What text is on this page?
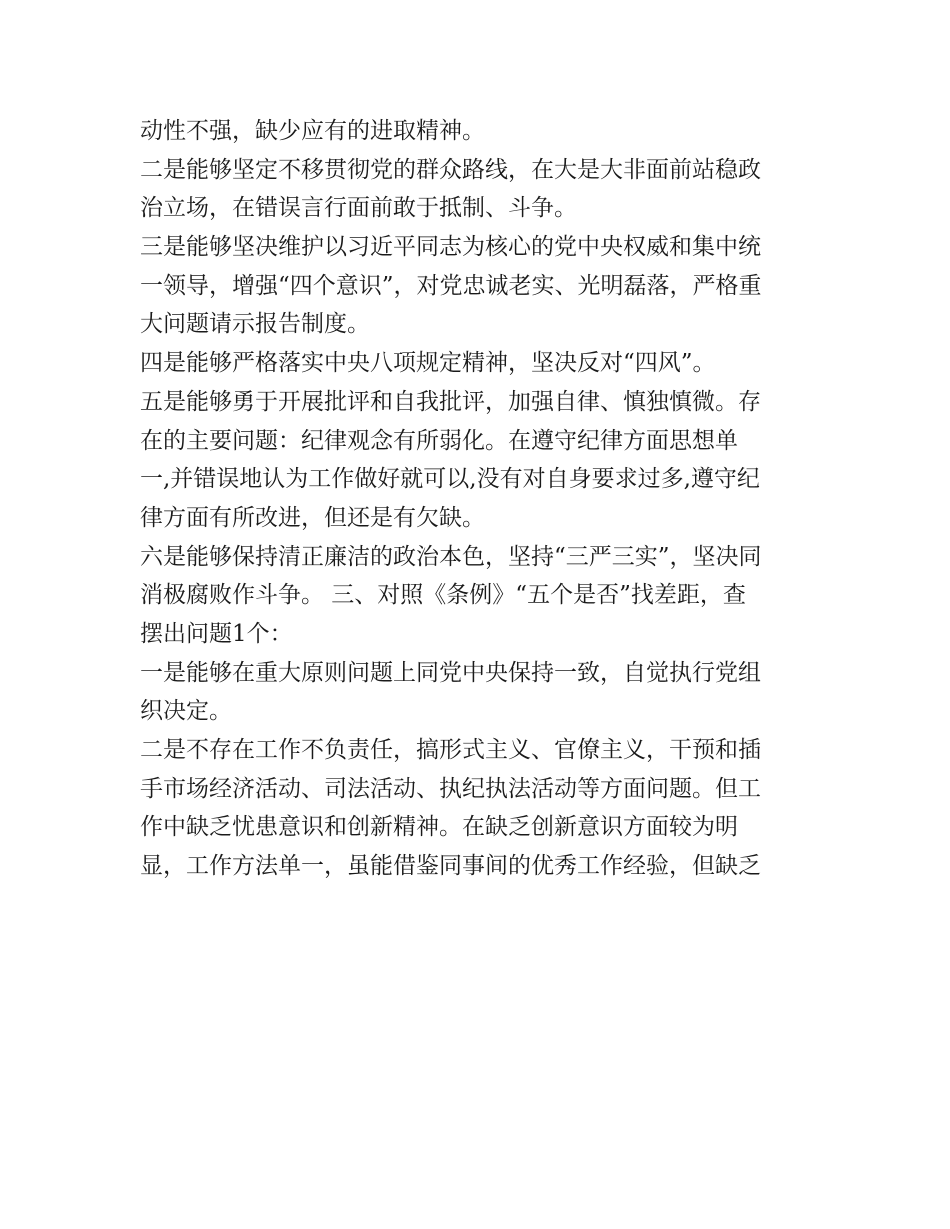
动性不强，缺少应有的进取精神。
二是能够坚定不移贯彻党的群众路线，在大是大非面前站稳政
治立场，在错误言行面前敢于抵制、斗争。
三是能够坚决维护以习近平同志为核心的党中央权威和集中统
一领导，增强“四个意识”，对党忠诚老实、光明磊落，严格重
大问题请示报告制度。
四是能够严格落实中央八项规定精神，坚决反对“四风”。
五是能够勇于开展批评和自我批评，加强自律、慎独慎微。存
在的主要问题：纪律观念有所弱化。在遵守纪律方面思想单
一,并错误地认为工作做好就可以,没有对自身要求过多,遵守纪
律方面有所改进，但还是有欠缺。
六是能够保持清正廉洁的政治本色，坚持“三严三实”，坚决同
消极腐败作斗争。 三、对照《条例》“五个是否”找差距，查
摆出问题1个：
一是能够在重大原则问题上同党中央保持一致，自觉执行党组
织决定。
二是不存在工作不负责任，搞形式主义、官僚主义，干预和插
手市场经济活动、司法活动、执纪执法活动等方面问题。但工
作中缺乏忧患意识和创新精神。在缺乏创新意识方面较为明
显，工作方法单一，虽能借鉴同事间的优秀工作经验，但缺乏
